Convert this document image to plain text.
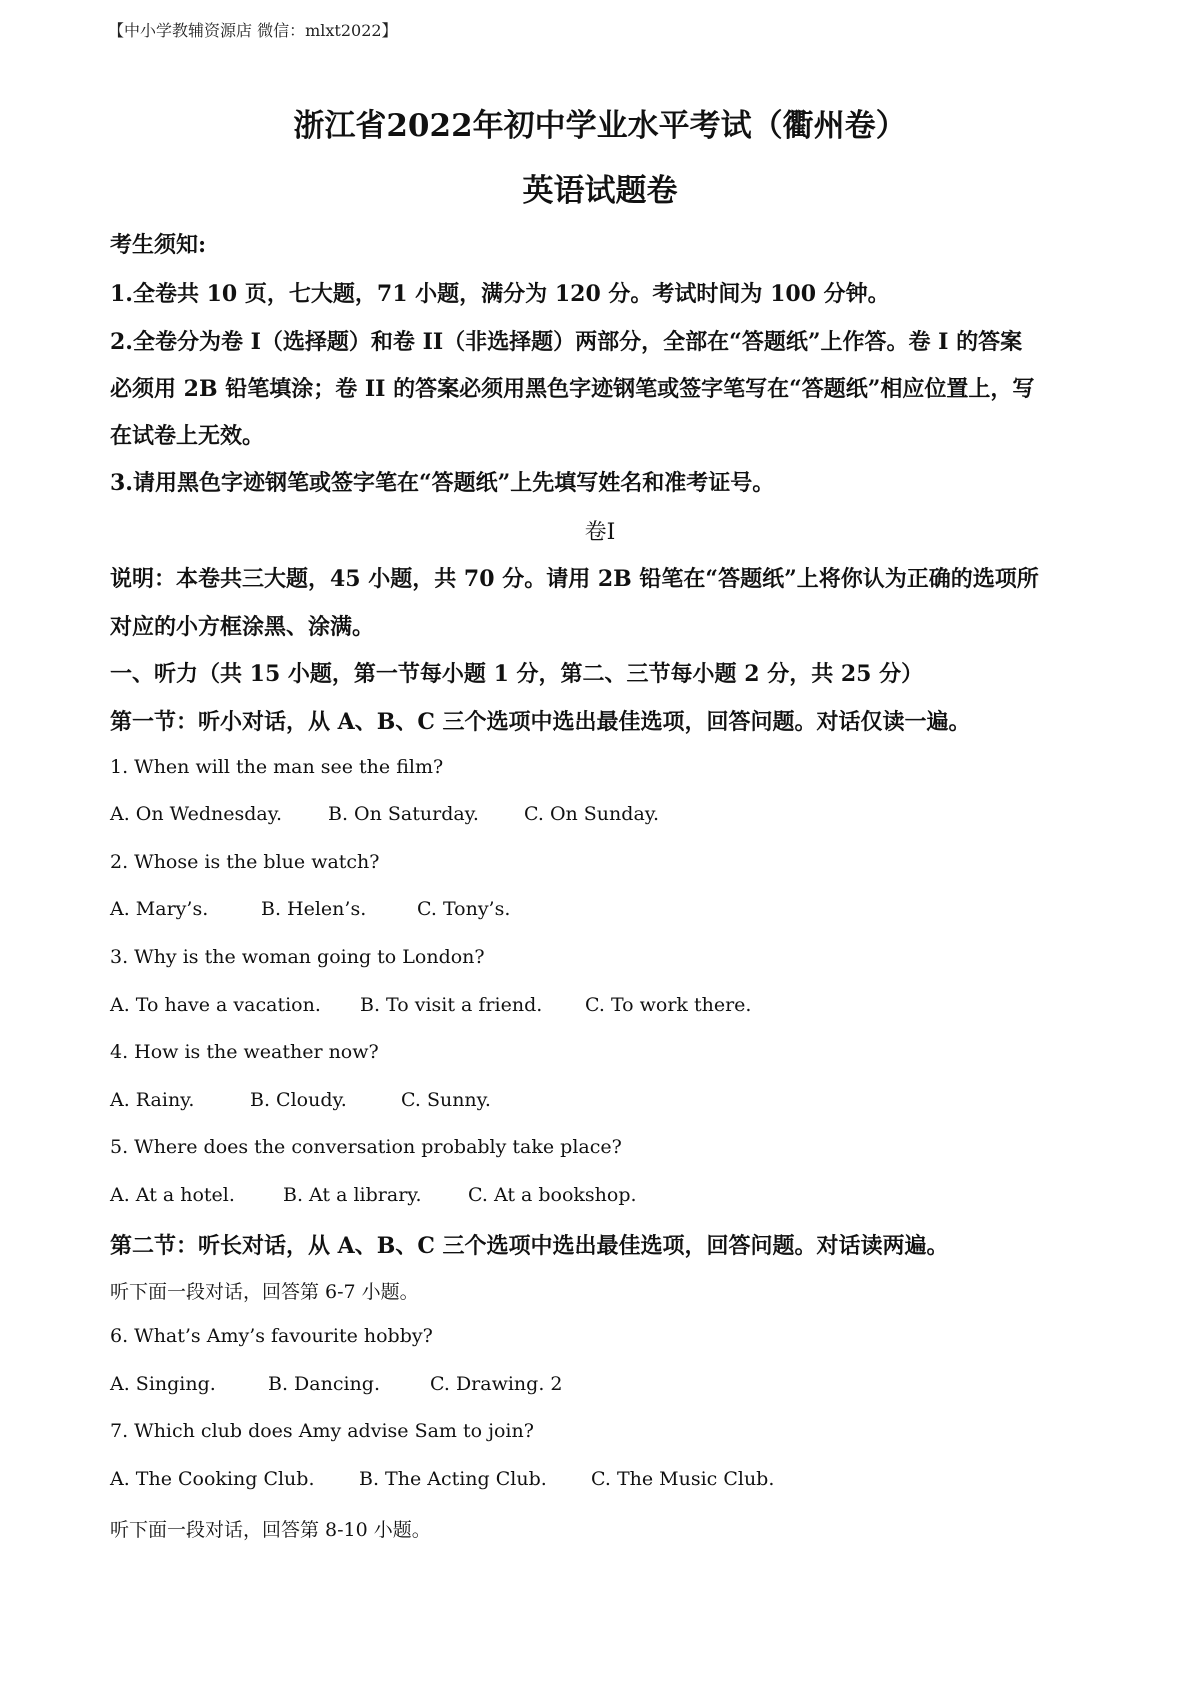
【中小学教辅资源店 微信：mlxt2022】
浙江省2022年初中学业水平考试（衢州卷）
英语试题卷
考生须知:
1.全卷共 10 页，七大题，71 小题，满分为 120 分。考试时间为 100 分钟。
2.全卷分为卷 I（选择题）和卷 II（非选择题）两部分，全部在“答题纸”上作答。卷 I 的答案
必须用 2B 铅笔填涂；卷 II 的答案必须用黑色字迹钢笔或签字笔写在“答题纸”相应位置上，写
在试卷上无效。
3.请用黑色字迹钢笔或签字笔在“答题纸”上先填写姓名和准考证号。
卷Ⅰ
说明：本卷共三大题，45 小题，共 70 分。请用 2B 铅笔在“答题纸”上将你认为正确的选项所
对应的小方框涂黑、涂满。
一、听力（共 15 小题，第一节每小题 1 分，第二、三节每小题 2 分，共 25 分）
第一节：听小对话，从 A、B、C 三个选项中选出最佳选项，回答问题。对话仅读一遍。
1. When will the man see the film?
A. On Wednesday. B. On Saturday. C. On Sunday.
2. Whose is the blue watch?
A. Mary’s.	B. Helen’s.	C. Tony’s.
3. Why is the woman going to London?
A. To have a vacation. B. To visit a friend. C. To work there.
4. How is the weather now?
A. Rainy.	B. Cloudy.	C. Sunny.
5. Where does the conversation probably take place?
A. At a hotel.	B. At a library. C. At a bookshop.
第二节：听长对话，从 A、B、C 三个选项中选出最佳选项，回答问题。对话读两遍。
听下面一段对话，回答第 6-7 小题。
6. What’s Amy’s favourite hobby?
A. Singing.	B. Dancing.	C. Drawing. 2
7. Which club does Amy advise Sam to join?
A. The Cooking Club. B. The Acting Club. C. The Music Club.
听下面一段对话，回答第 8-10 小题。
